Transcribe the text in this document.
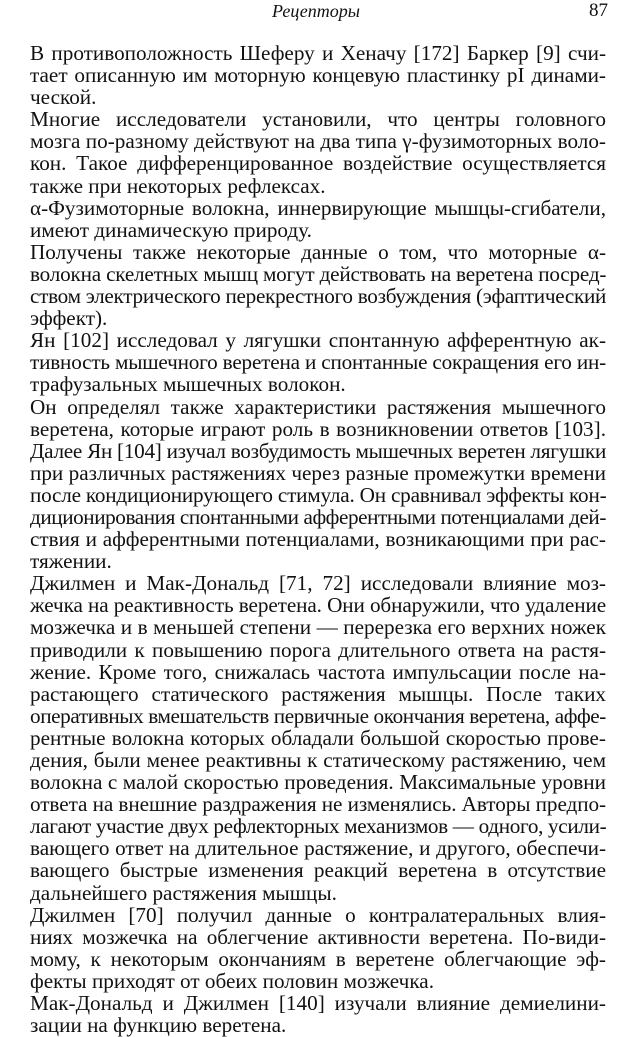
Рецепторы	87
В противоположность Шеферу и Хеначу [172] Баркер [9] счи-
тает описанную им моторную концевую пластинку pI динами-
ческой.
Многие исследователи установили, что центры головного
мозга по-разному действуют на два типа γ-фузимоторных воло-
кон. Такое дифференцированное воздействие осуществляется
также при некоторых рефлексах.
α-Фузимоторные волокна, иннервирующие мышцы-сгибатели,
имеют динамическую природу.
Получены также некоторые данные о том, что моторные α-
волокна скелетных мышц могут действовать на веретена посред-
ством электрического перекрестного возбуждения (эфаптический
эффект).
Ян [102] исследовал у лягушки спонтанную афферентную ак-
тивность мышечного веретена и спонтанные сокращения его ин-
трафузальных мышечных волокон.
Он определял также характеристики растяжения мышечного
веретена, которые играют роль в возникновении ответов [103].
Далее Ян [104] изучал возбудимость мышечных веретен лягушки
при различных растяжениях через разные промежутки времени
после кондиционирующего стимула. Он сравнивал эффекты кон-
диционирования спонтанными афферентными потенциалами дей-
ствия и афферентными потенциалами, возникающими при рас-
тяжении.
Джилмен и Мак-Дональд [71, 72] исследовали влияние моз-
жечка на реактивность веретена. Они обнаружили, что удаление
мозжечка и в меньшей степени — перерезка его верхних ножек
приводили к повышению порога длительного ответа на растя-
жение. Кроме того, снижалась частота импульсации после на-
растающего статического растяжения мышцы. После таких
оперативных вмешательств первичные окончания веретена, аффе-
рентные волокна которых обладали большой скоростью прове-
дения, были менее реактивны к статическому растяжению, чем
волокна с малой скоростью проведения. Максимальные уровни
ответа на внешние раздражения не изменялись. Авторы предпо-
лагают участие двух рефлекторных механизмов — одного, усили-
вающего ответ на длительное растяжение, и другого, обеспечи-
вающего быстрые изменения реакций веретена в отсутствие
дальнейшего растяжения мышцы.
Джилмен [70] получил данные о контралатеральных влия-
ниях мозжечка на облегчение активности веретена. По-види-
мому, к некоторым окончаниям в веретене облегчающие эф-
фекты приходят от обеих половин мозжечка.
Мак-Дональд и Джилмен [140] изучали влияние демиелини-
зации на функцию веретена.
